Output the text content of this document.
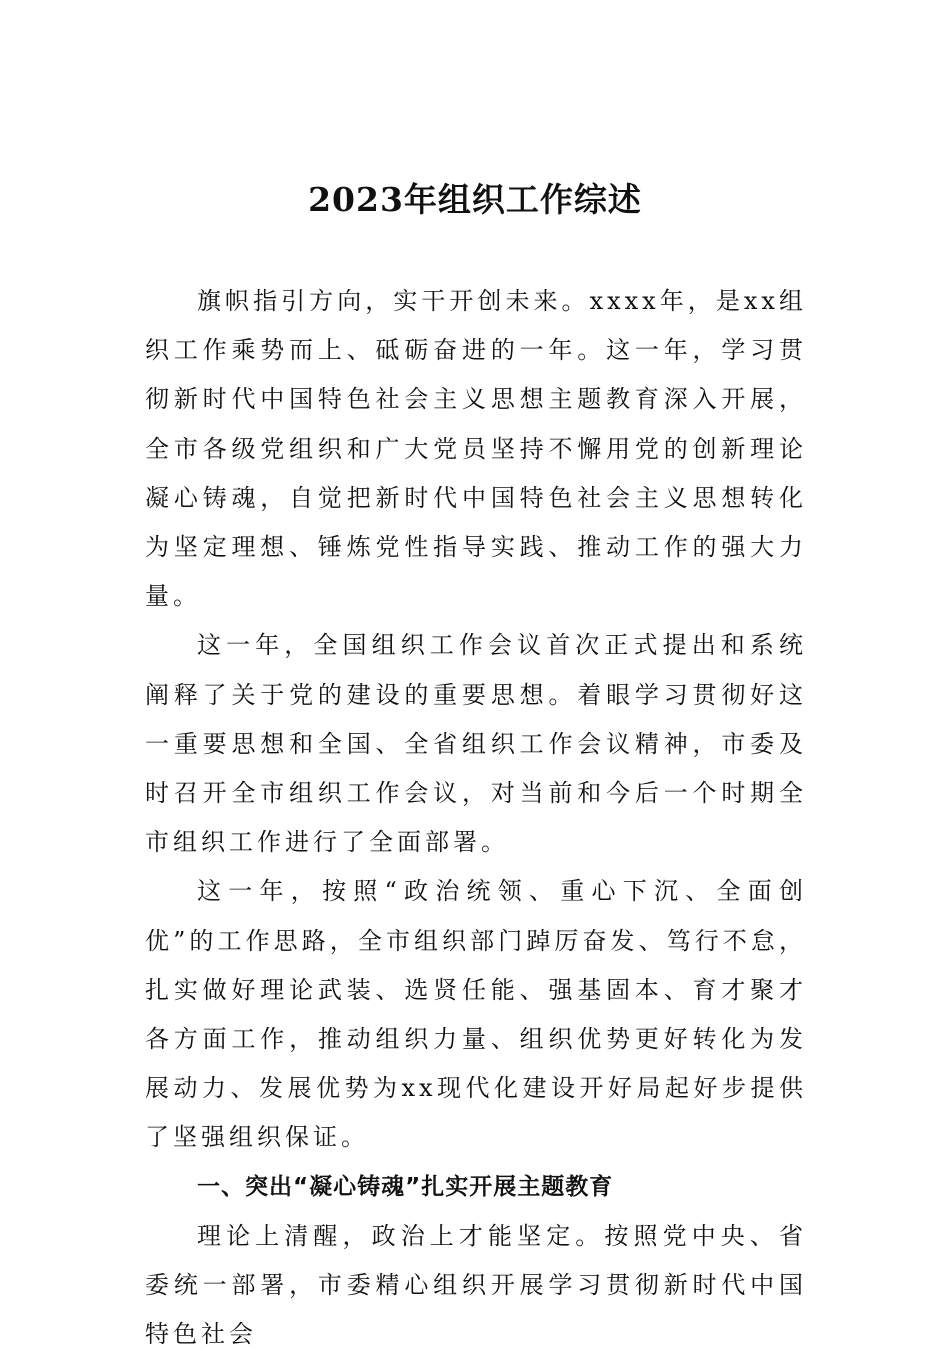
2023年组织工作综述

旗帜指引方向，实干开创未来。xxxx年，是xx组织工作乘势而上、砥砺奋进的一年。这一年，学习贯彻新时代中国特色社会主义思想主题教育深入开展，全市各级党组织和广大党员坚持不懈用党的创新理论凝心铸魂，自觉把新时代中国特色社会主义思想转化为坚定理想、锤炼党性指导实践、推动工作的强大力量。

这一年，全国组织工作会议首次正式提出和系统阐释了关于党的建设的重要思想。着眼学习贯彻好这一重要思想和全国、全省组织工作会议精神，市委及时召开全市组织工作会议，对当前和今后一个时期全市组织工作进行了全面部署。

这一年，按照“政治统领、重心下沉、全面创优”的工作思路，全市组织部门踔厉奋发、笃行不怠，扎实做好理论武装、选贤任能、强基固本、育才聚才各方面工作，推动组织力量、组织优势更好转化为发展动力、发展优势为xx现代化建设开好局起好步提供了坚强组织保证。

一、突出“凝心铸魂”扎实开展主题教育

理论上清醒，政治上才能坚定。按照党中央、省委统一部署，市委精心组织开展学习贯彻新时代中国特色社会
